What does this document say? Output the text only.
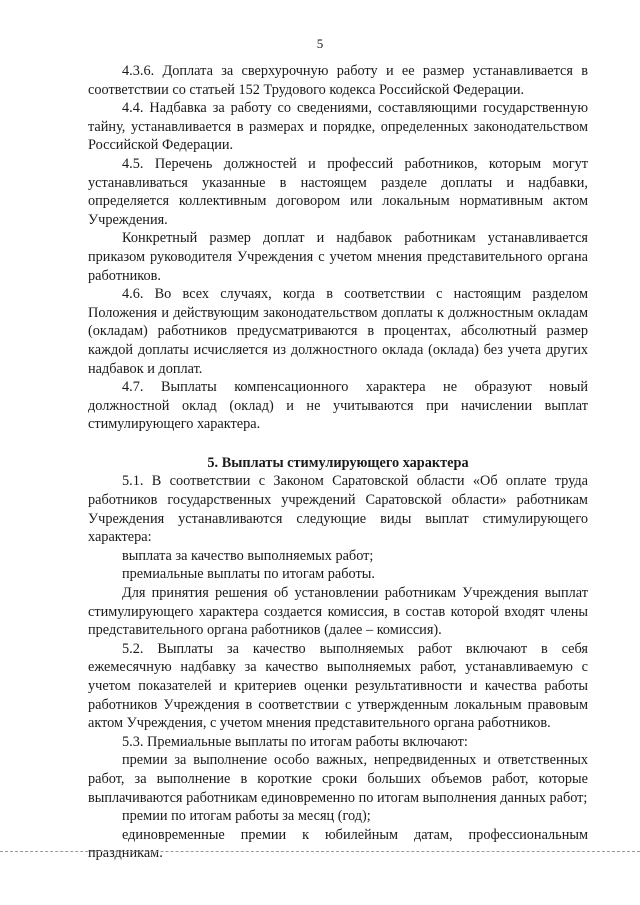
5

4.3.6. Доплата за сверхурочную работу и ее размер устанавливается в соответствии со статьей 152 Трудового кодекса Российской Федерации.

4.4. Надбавка за работу со сведениями, составляющими государственную тайну, устанавливается в размерах и порядке, определенных законодательством Российской Федерации.

4.5. Перечень должностей и профессий работников, которым могут устанавливаться указанные в настоящем разделе доплаты и надбавки, определяется коллективным договором или локальным нормативным актом Учреждения.

Конкретный размер доплат и надбавок работникам устанавливается приказом руководителя Учреждения с учетом мнения представительного органа работников.

4.6. Во всех случаях, когда в соответствии с настоящим разделом Положения и действующим законодательством доплаты к должностным окладам (окладам) работников предусматриваются в процентах, абсолютный размер каждой доплаты исчисляется из должностного оклада (оклада) без учета других надбавок и доплат.

4.7. Выплаты компенсационного характера не образуют новый должностной оклад (оклад) и не учитываются при начислении выплат стимулирующего характера.

5. Выплаты стимулирующего характера

5.1. В соответствии с Законом Саратовской области «Об оплате труда работников государственных учреждений Саратовской области» работникам Учреждения устанавливаются следующие виды выплат стимулирующего характера:

выплата за качество выполняемых работ;

премиальные выплаты по итогам работы.

Для принятия решения об установлении работникам Учреждения выплат стимулирующего характера создается комиссия, в состав которой входят члены представительного органа работников (далее – комиссия).

5.2. Выплаты за качество выполняемых работ включают в себя ежемесячную надбавку за качество выполняемых работ, устанавливаемую с учетом показателей и критериев оценки результативности и качества работы работников Учреждения в соответствии с утвержденным локальным правовым актом Учреждения, с учетом мнения представительного органа работников.

5.3. Премиальные выплаты по итогам работы включают:

премии за выполнение особо важных, непредвиденных и ответственных работ, за выполнение в короткие сроки больших объемов работ, которые выплачиваются работникам единовременно по итогам выполнения данных работ;

премии по итогам работы за месяц (год);

единовременные премии к юбилейным датам, профессиональным праздникам.
